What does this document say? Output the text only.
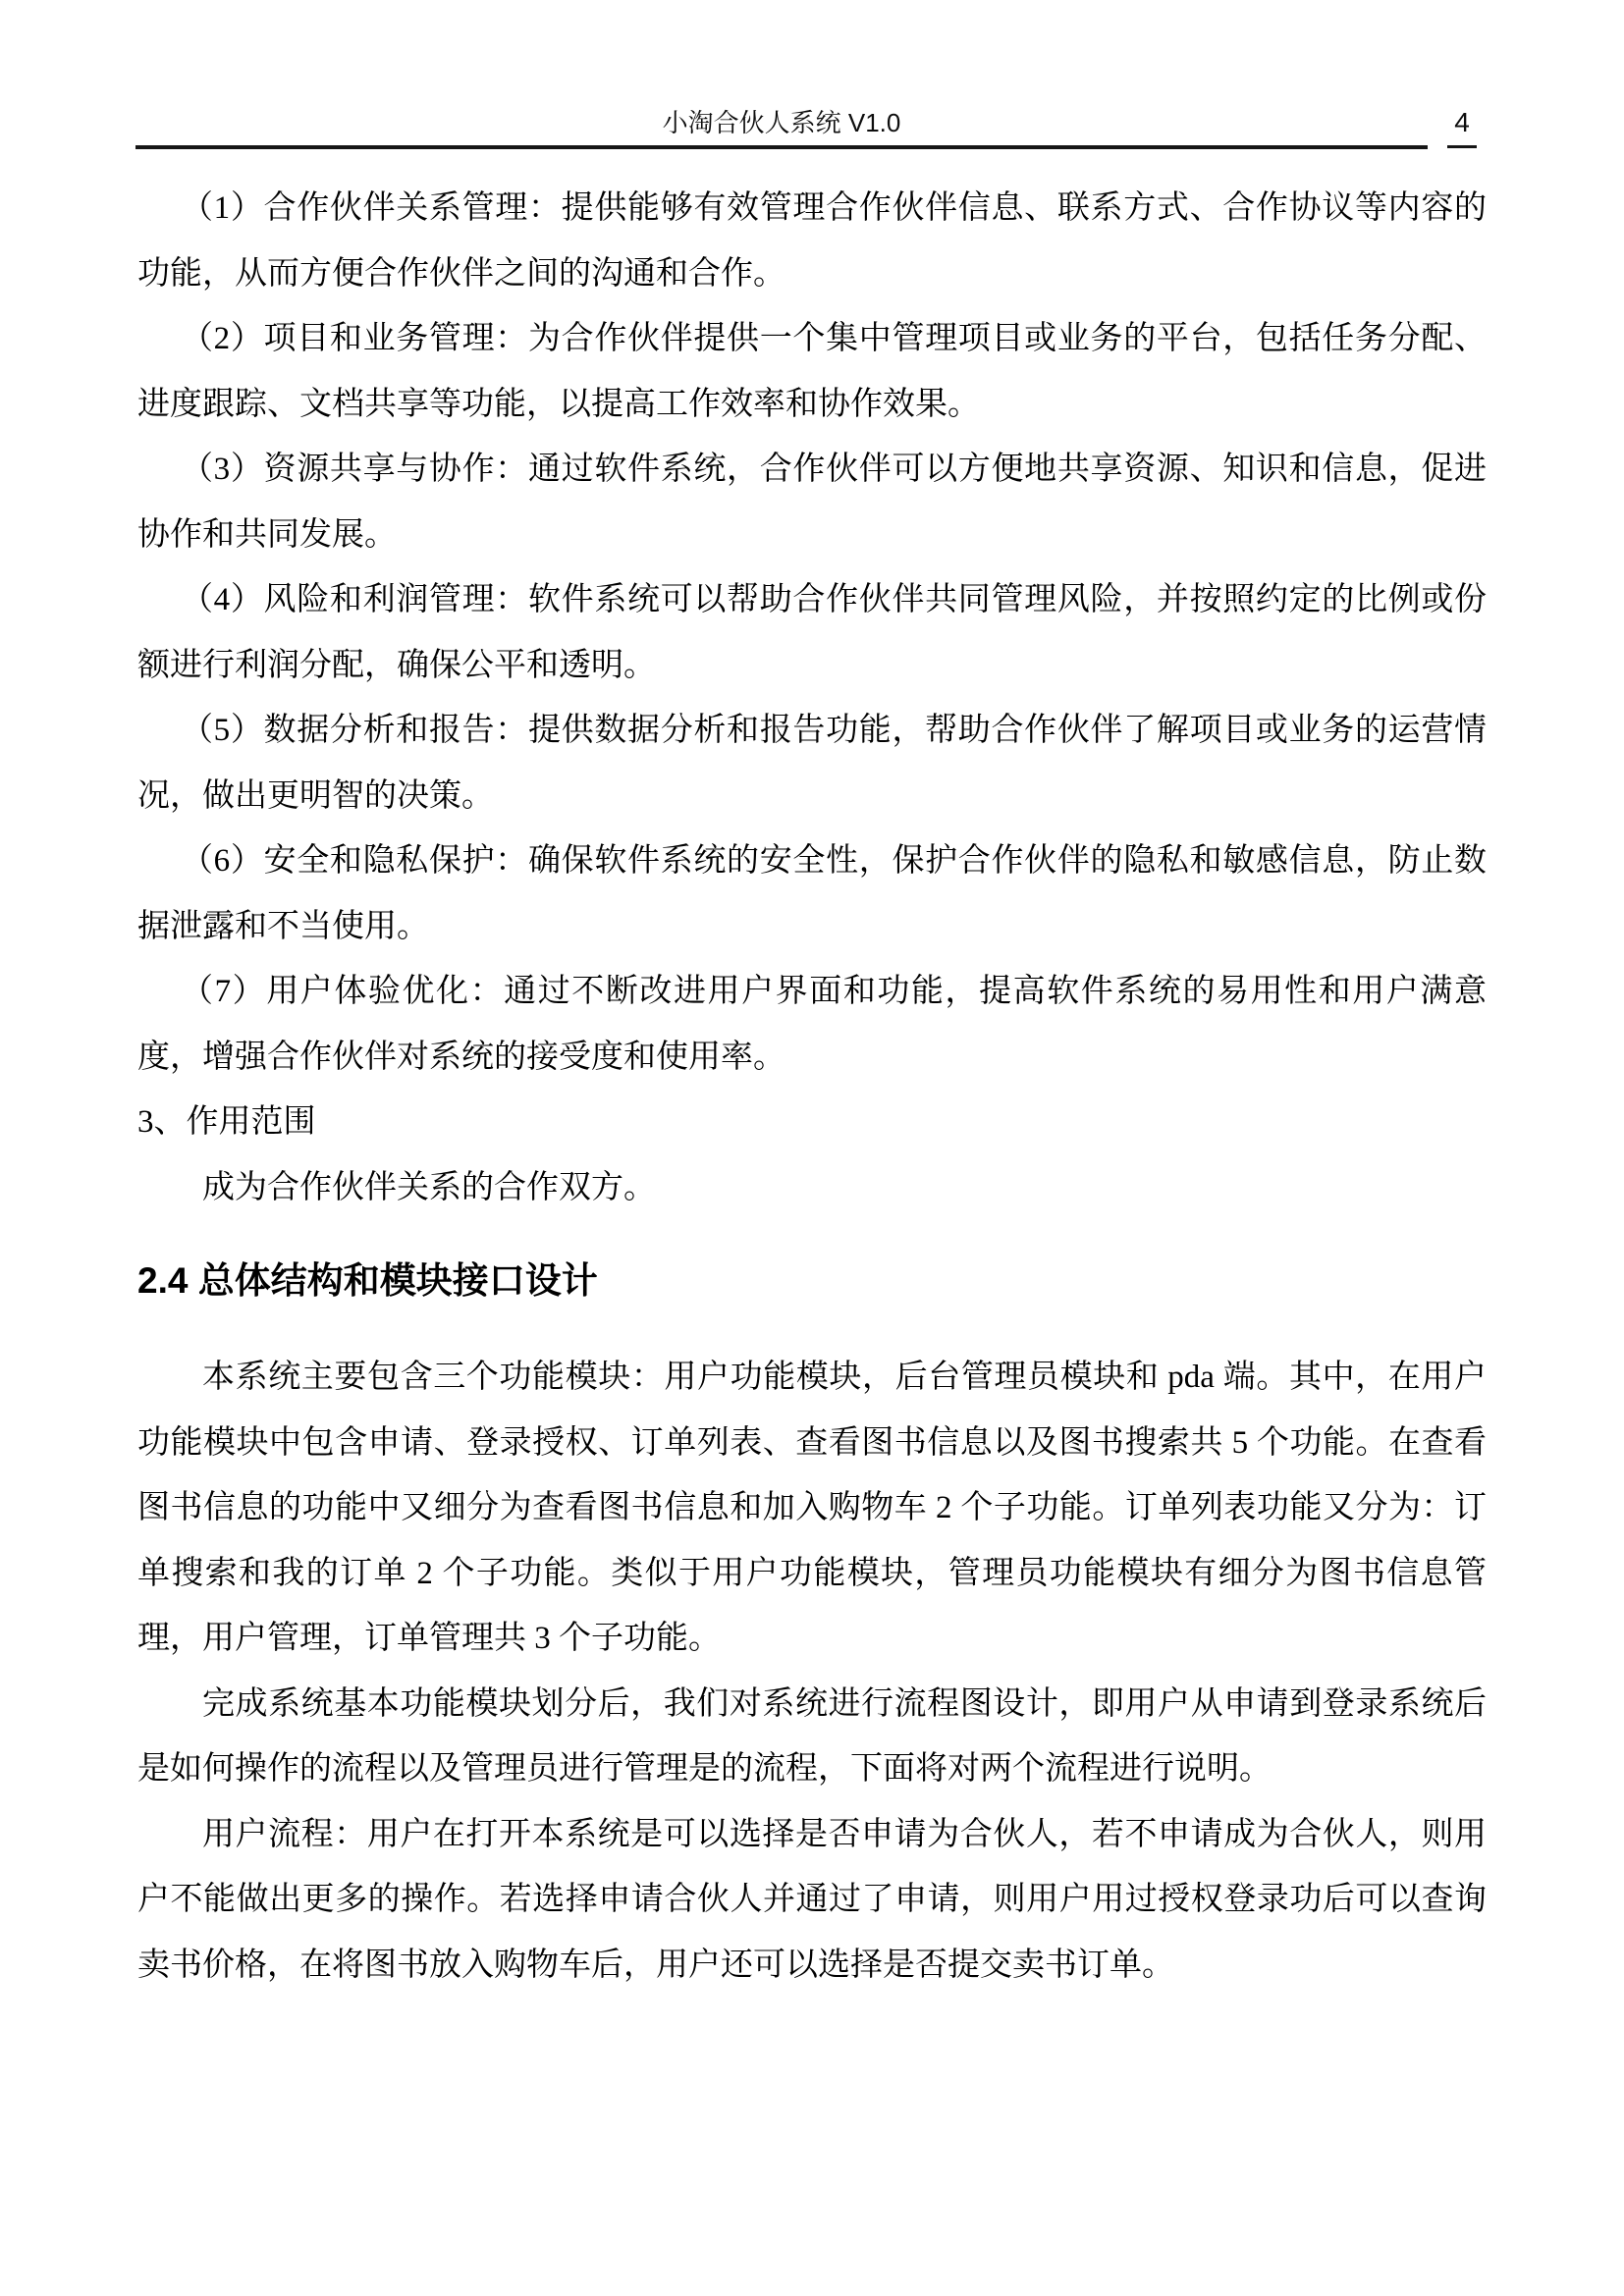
小淘合伙人系统 V1.0	4

（1）合作伙伴关系管理：提供能够有效管理合作伙伴信息、联系方式、合作协议等内容的功能，从而方便合作伙伴之间的沟通和合作。

（2）项目和业务管理：为合作伙伴提供一个集中管理项目或业务的平台，包括任务分配、进度跟踪、文档共享等功能，以提高工作效率和协作效果。

（3）资源共享与协作：通过软件系统，合作伙伴可以方便地共享资源、知识和信息，促进协作和共同发展。

（4）风险和利润管理：软件系统可以帮助合作伙伴共同管理风险，并按照约定的比例或份额进行利润分配，确保公平和透明。

（5）数据分析和报告：提供数据分析和报告功能，帮助合作伙伴了解项目或业务的运营情况，做出更明智的决策。

（6）安全和隐私保护：确保软件系统的安全性，保护合作伙伴的隐私和敏感信息，防止数据泄露和不当使用。

（7）用户体验优化：通过不断改进用户界面和功能，提高软件系统的易用性和用户满意度，增强合作伙伴对系统的接受度和使用率。

3、作用范围

成为合作伙伴关系的合作双方。

2.4 总体结构和模块接口设计

本系统主要包含三个功能模块：用户功能模块，后台管理员模块和 pda 端。其中，在用户功能模块中包含申请、登录授权、订单列表、查看图书信息以及图书搜索共 5 个功能。在查看图书信息的功能中又细分为查看图书信息和加入购物车 2 个子功能。订单列表功能又分为：订单搜索和我的订单 2 个子功能。类似于用户功能模块，管理员功能模块有细分为图书信息管理，用户管理，订单管理共 3 个子功能。

完成系统基本功能模块划分后，我们对系统进行流程图设计，即用户从申请到登录系统后是如何操作的流程以及管理员进行管理是的流程，下面将对两个流程进行说明。

用户流程：用户在打开本系统是可以选择是否申请为合伙人，若不申请成为合伙人，则用户不能做出更多的操作。若选择申请合伙人并通过了申请，则用户用过授权登录功后可以查询卖书价格，在将图书放入购物车后，用户还可以选择是否提交卖书订单。
